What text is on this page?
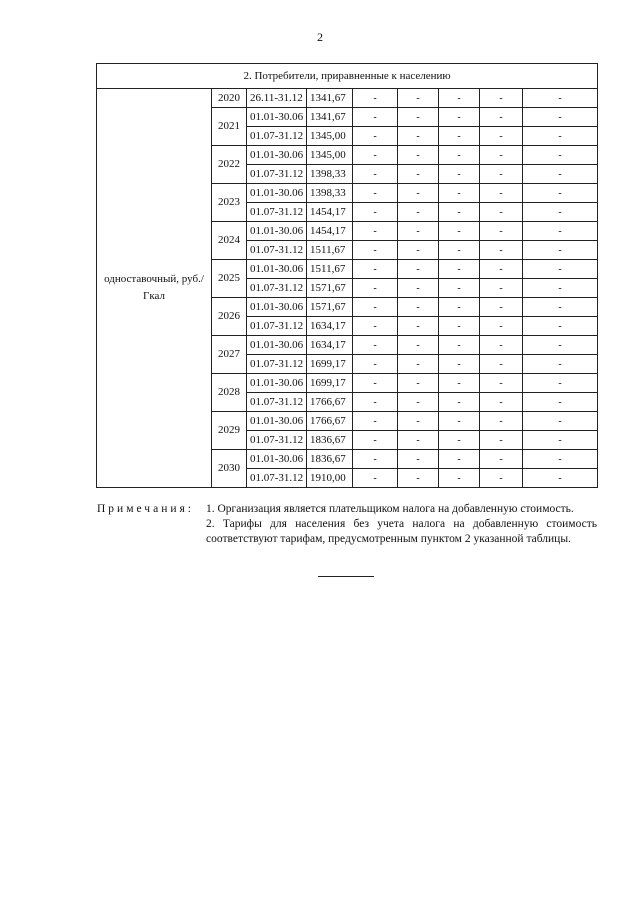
2
2. Потребители, приравненные к населению								
одноставочный, руб./Гкал	2020	26.11-31.12	1341,67	-	-	-	-	-
	2021	01.01-30.06	1341,67	-	-	-	-	-
		01.07-31.12	1345,00	-	-	-	-	-
	2022	01.01-30.06	1345,00	-	-	-	-	-
		01.07-31.12	1398,33	-	-	-	-	-
	2023	01.01-30.06	1398,33	-	-	-	-	-
		01.07-31.12	1454,17	-	-	-	-	-
	2024	01.01-30.06	1454,17	-	-	-	-	-
		01.07-31.12	1511,67	-	-	-	-	-
	2025	01.01-30.06	1511,67	-	-	-	-	-
		01.07-31.12	1571,67	-	-	-	-	-
	2026	01.01-30.06	1571,67	-	-	-	-	-
		01.07-31.12	1634,17	-	-	-	-	-
	2027	01.01-30.06	1634,17	-	-	-	-	-
		01.07-31.12	1699,17	-	-	-	-	-
	2028	01.01-30.06	1699,17	-	-	-	-	-
		01.07-31.12	1766,67	-	-	-	-	-
	2029	01.01-30.06	1766,67	-	-	-	-	-
		01.07-31.12	1836,67	-	-	-	-	-
	2030	01.01-30.06	1836,67	-	-	-	-	-
		01.07-31.12	1910,00	-	-	-	-	-
Примечания: 1. Организация является плательщиком налога на добавленную стоимость.
2. Тарифы для населения без учета налога на добавленную стоимость соответствуют тарифам, предусмотренным пунктом 2 указанной таблицы.
